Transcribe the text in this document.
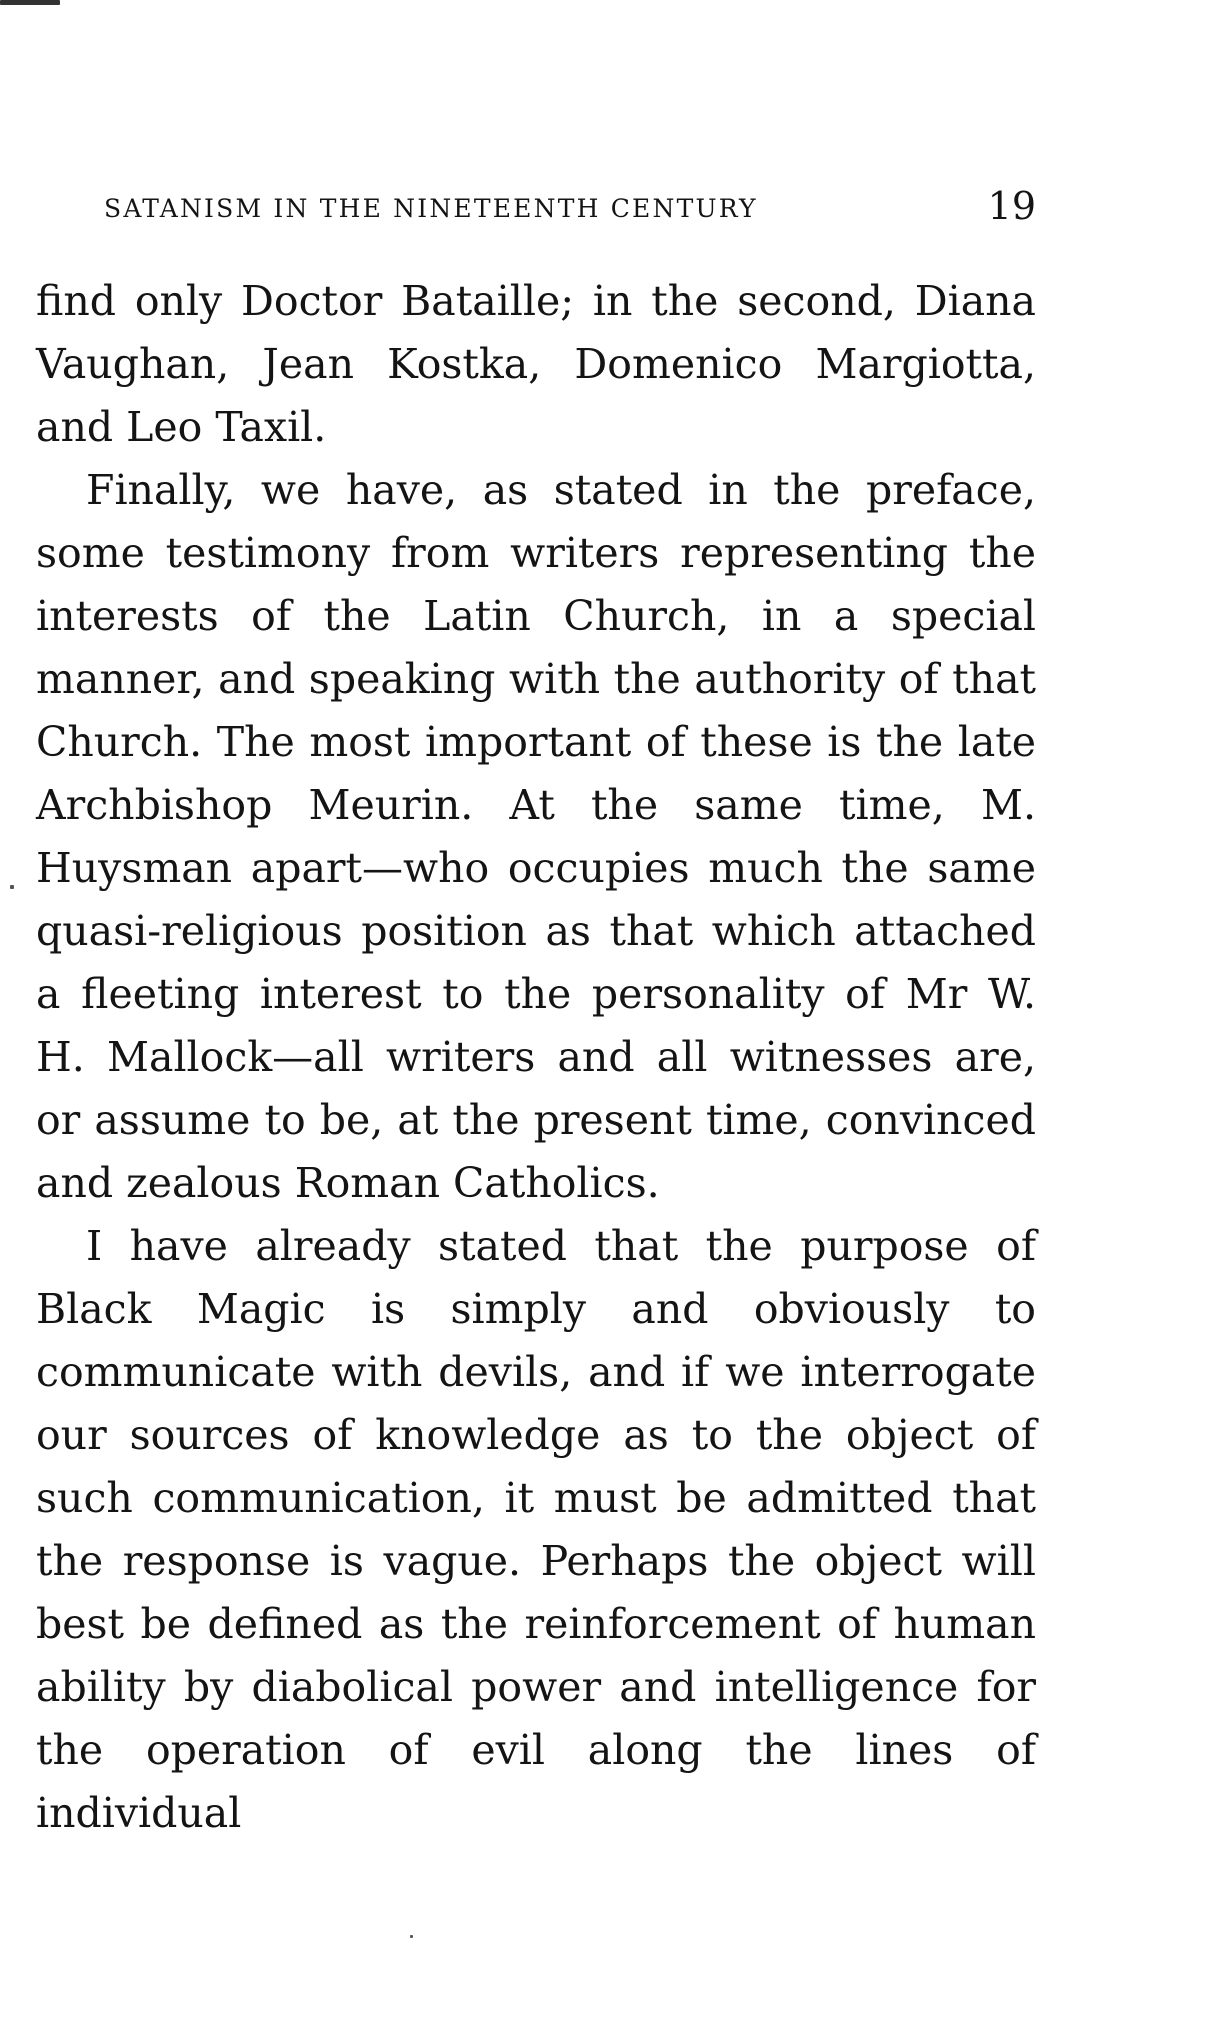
SATANISM IN THE NINETEENTH CENTURY	19

find only Doctor Bataille; in the second, Diana Vaughan, Jean Kostka, Domenico Margiotta, and Leo Taxil.

Finally, we have, as stated in the preface, some testimony from writers representing the interests of the Latin Church, in a special manner, and speaking with the authority of that Church. The most important of these is the late Archbishop Meurin. At the same time, M. Huysman apart—who occupies much the same quasi-religious position as that which attached a fleeting interest to the personality of Mr W. H. Mallock—all writers and all witnesses are, or assume to be, at the present time, convinced and zealous Roman Catholics.

I have already stated that the purpose of Black Magic is simply and obviously to communicate with devils, and if we interrogate our sources of knowledge as to the object of such communication, it must be admitted that the response is vague. Perhaps the object will best be defined as the reinforcement of human ability by diabolical power and intelligence for the operation of evil along the lines of individual
